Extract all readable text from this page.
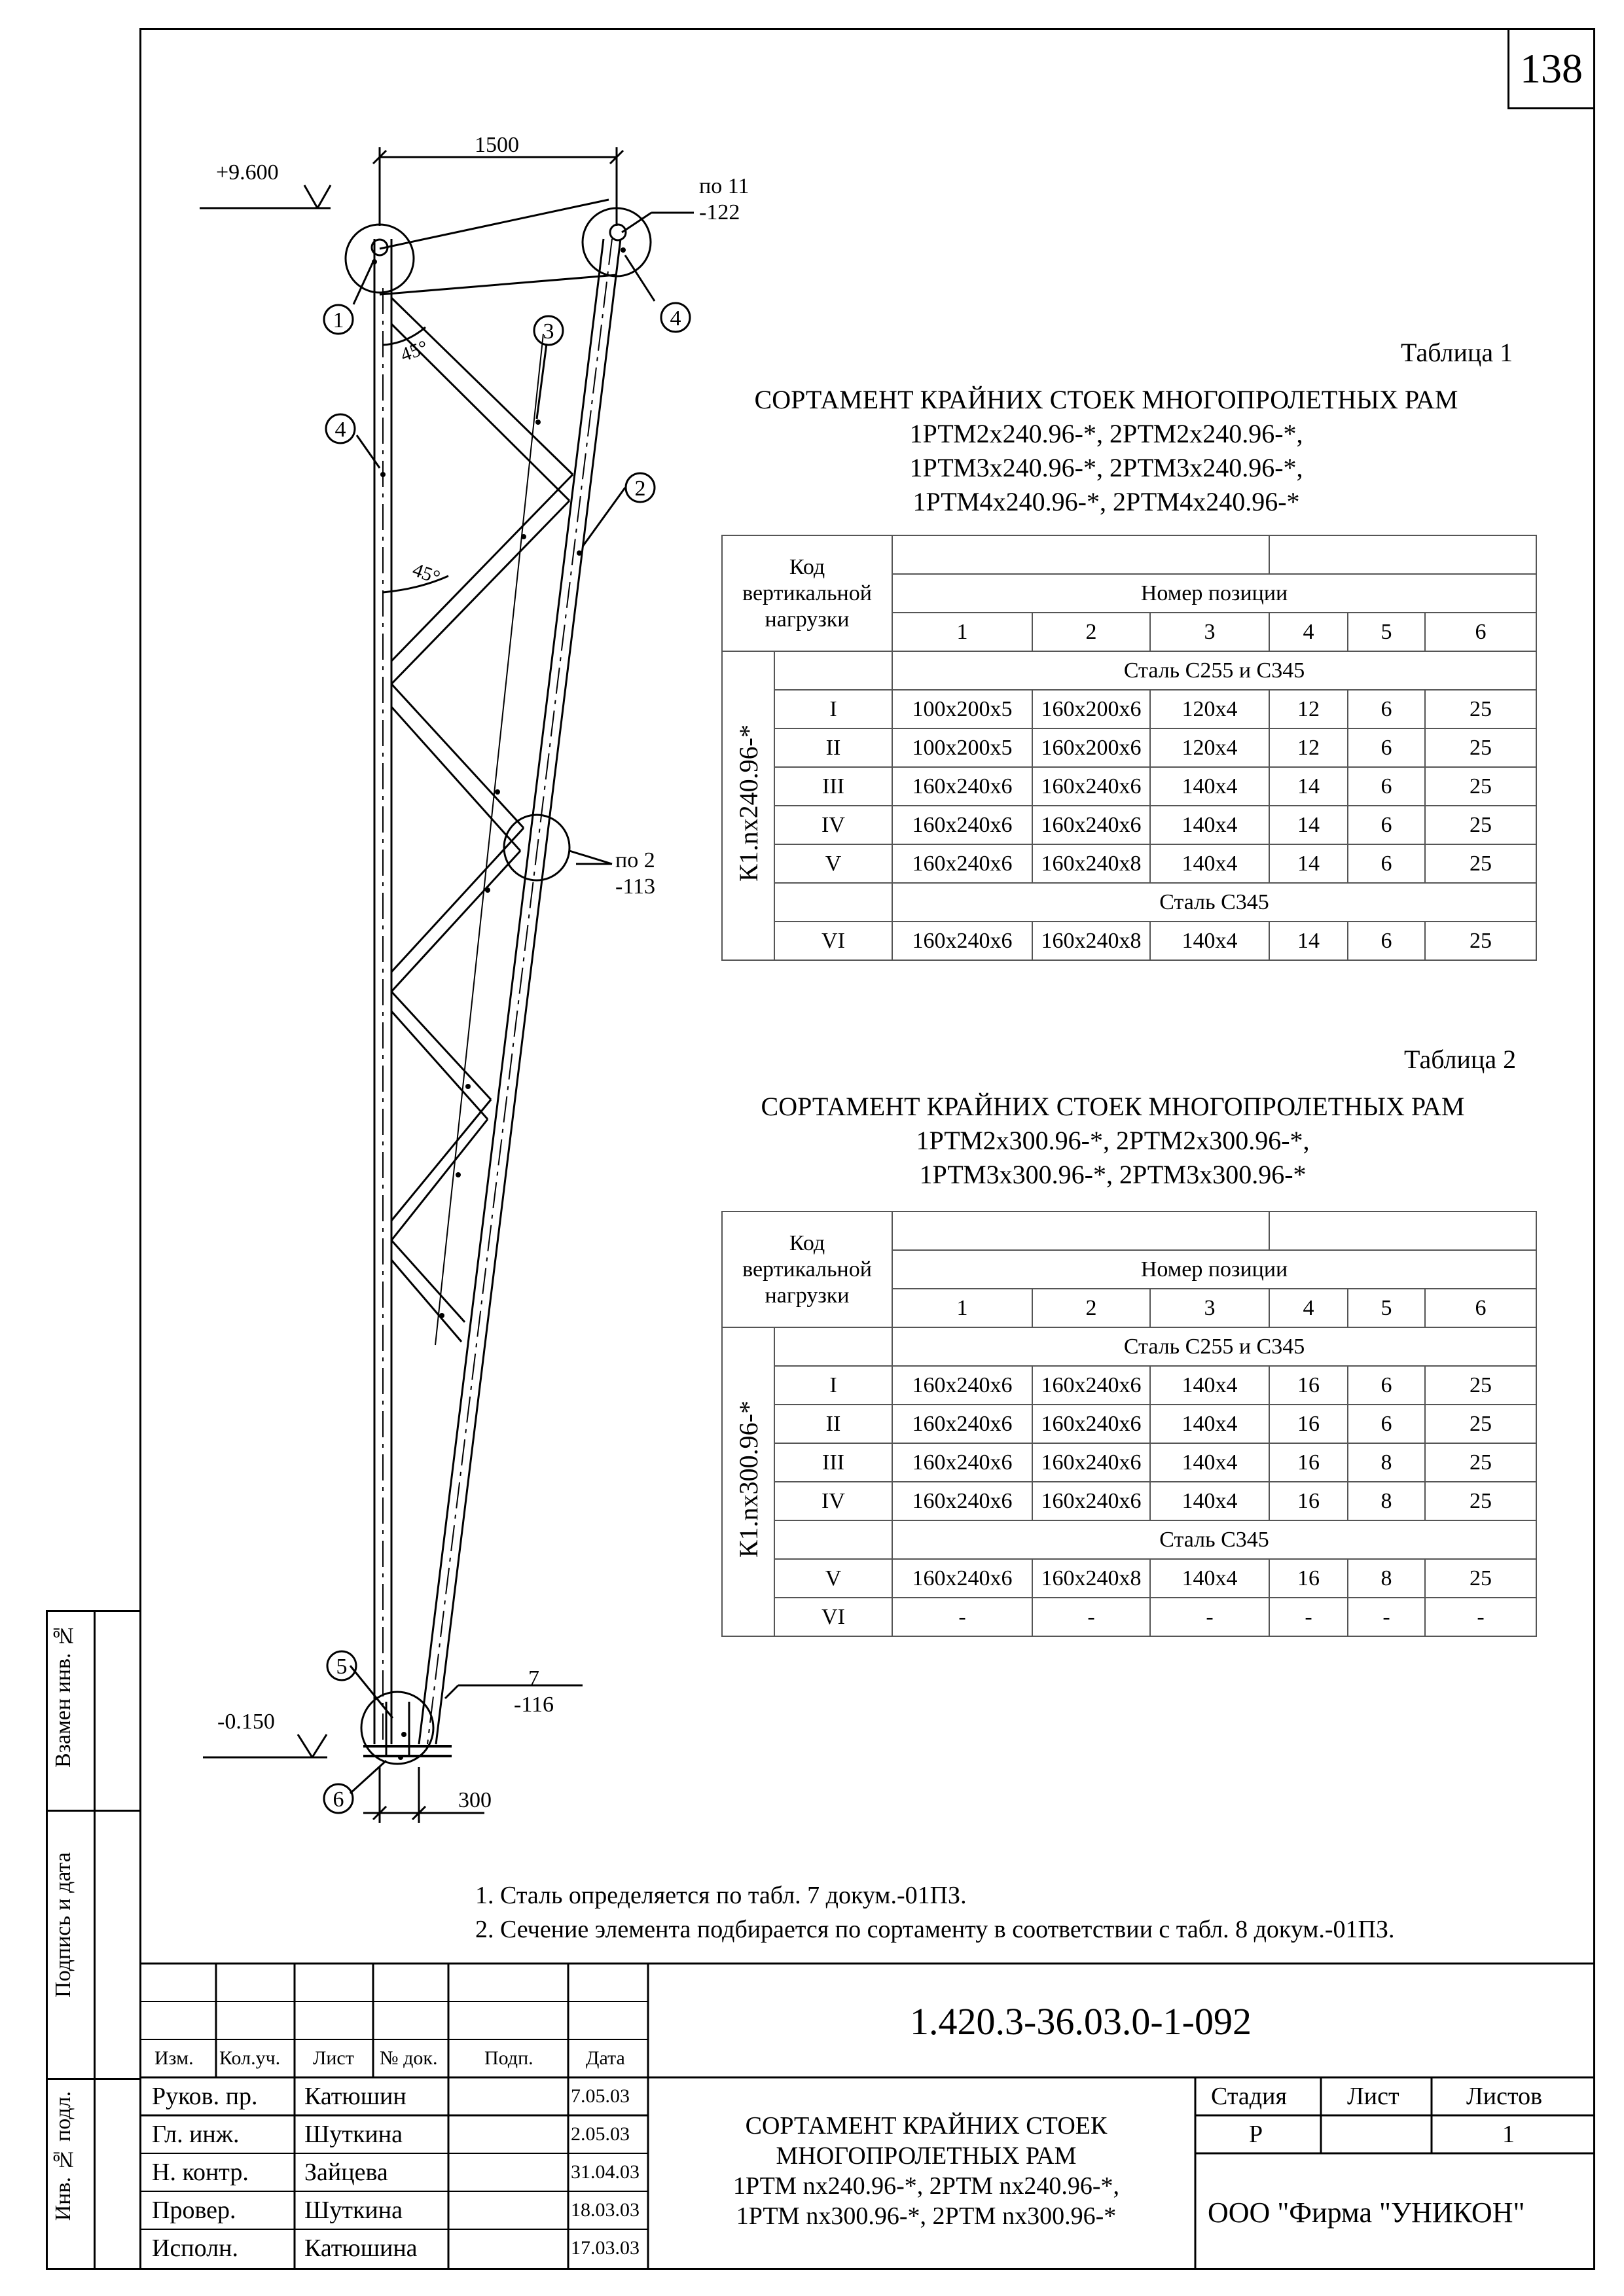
138
1	4
4
2
3
5
6
1500
300
+9.600
-0.150
45°
45°
по 11
-122
по 2
-113
7
-116
Таблица 1
СОРТАМЕНТ КРАЙНИХ СТОЕК МНОГОПРОЛЕТНЫХ РАМ
1РТМ2х240.96-*, 2РТМ2х240.96-*,
1РТМ3х240.96-*, 2РТМ3х240.96-*,
1РТМ4х240.96-*, 2РТМ4х240.96-*
Код
вертикальной
нагрузки							
		Номер позиции					
		1	2	3	4	5	6
К1.nх240.96-*		Сталь С255 и С345					
	I	100х200х5	160х200х6	120х4	12	6	25
	II	100х200х5	160х200х6	120х4	12	6	25
	III	160х240х6	160х240х6	140х4	14	6	25
	IV	160х240х6	160х240х6	140х4	14	6	25
	V	160х240х6	160х240х8	140х4	14	6	25
		Сталь С345					
	VI	160х240х6	160х240х8	140х4	14	6	25
Таблица 2
СОРТАМЕНТ КРАЙНИХ СТОЕК МНОГОПРОЛЕТНЫХ РАМ
1РТМ2х300.96-*, 2РТМ2х300.96-*,
1РТМ3х300.96-*, 2РТМ3х300.96-*
Код
вертикальной
нагрузки							
		Номер позиции					
		1	2	3	4	5	6
К1.nх300.96-*		Сталь С255 и С345					
	I	160х240х6	160х240х6	140х4	16	6	25
	II	160х240х6	160х240х6	140х4	16	6	25
	III	160х240х6	160х240х6	140х4	16	8	25
	IV	160х240х6	160х240х6	140х4	16	8	25
		Сталь С345					
	V	160х240х6	160х240х8	140х4	16	8	25
	VI	-	-	-	-	-	-
1. Сталь определяется по табл. 7 докум.-01ПЗ.
2. Сечение элемента подбирается по сортаменту в соответствии с табл. 8 докум.-01ПЗ.
Взамен инв. №
Подпись и дата
Инв. № подл.
1.420.3-36.03.0-1-092
Изм. Кол.уч. Лист № док. Подп.	Дата
Руков. пр. Катюшин	7.05.03
Гл. инж.	Шуткина	2.05.03
Н. контр. Зайцева	31.04.03
Провер.	Шуткина	18.03.03
Исполн.	Катюшина	17.03.03
СОРТАМЕНТ КРАЙНИХ СТОЕК
МНОГОПРОЛЕТНЫХ РАМ
1РТМ nх240.96-*, 2РТМ nх240.96-*,
1РТМ nх300.96-*, 2РТМ nх300.96-*
Стадия Лист	Листов
Р	1
ООО "Фирма "УНИКОН"
